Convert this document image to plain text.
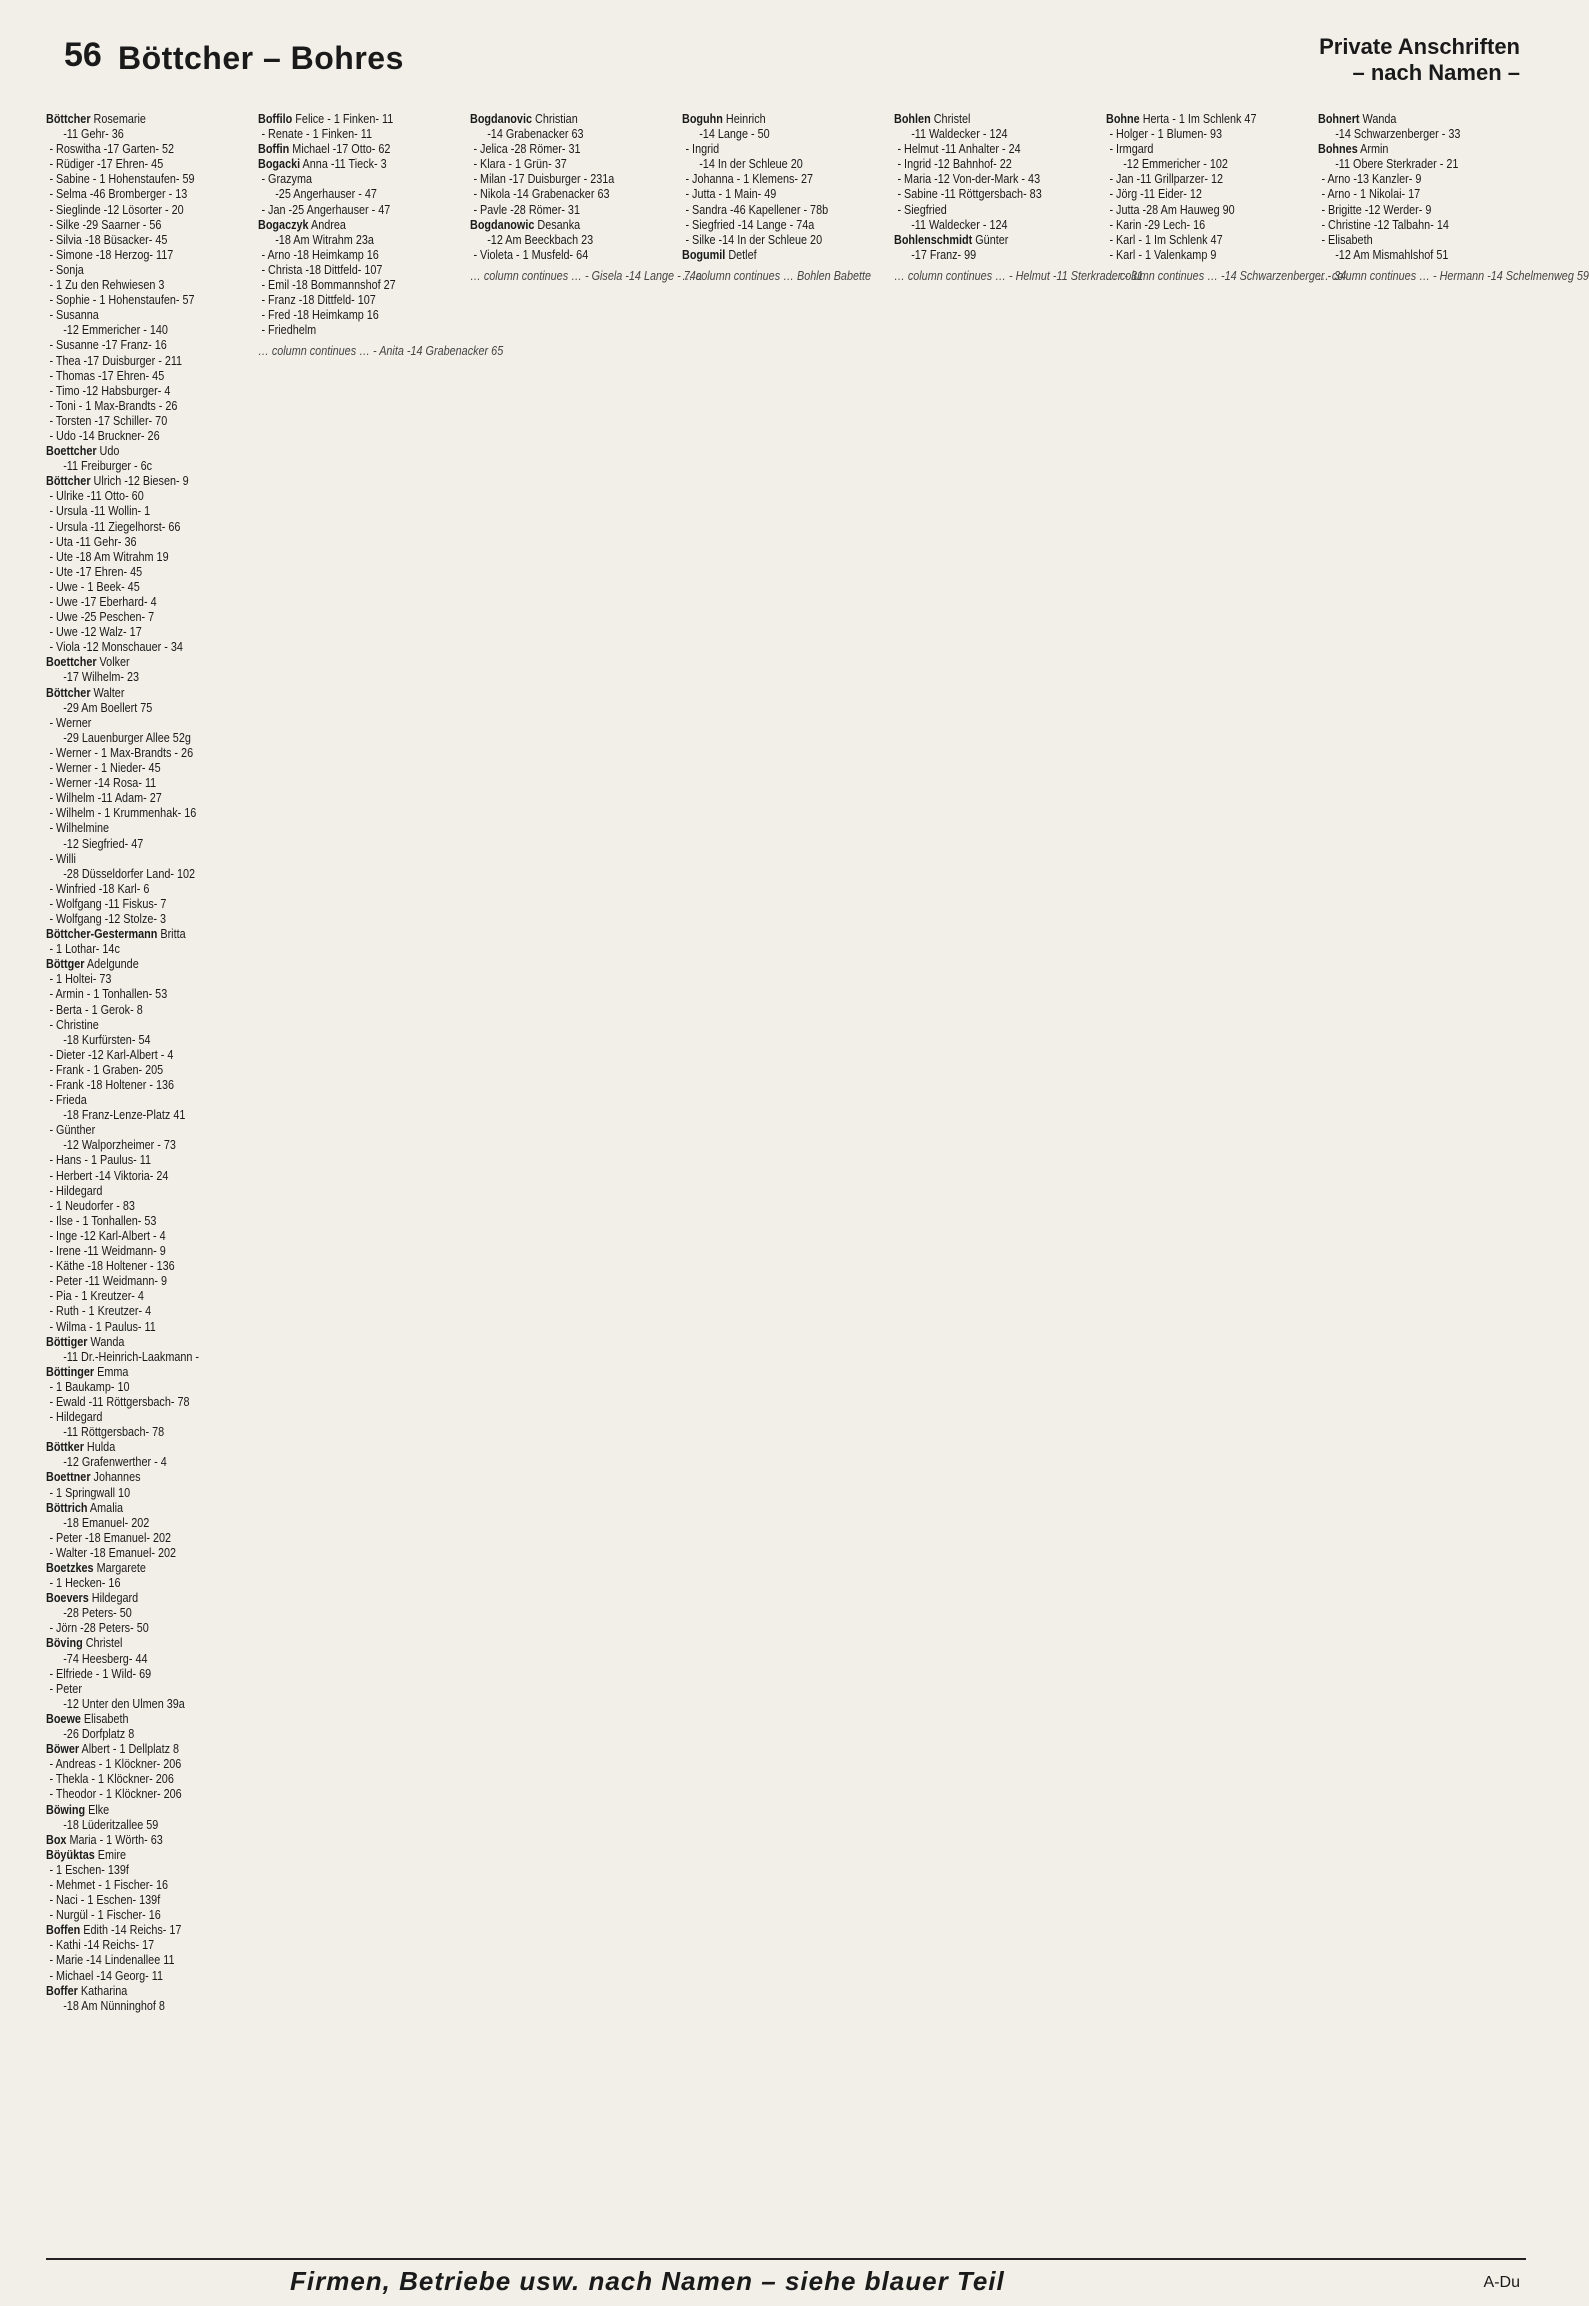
56 Böttcher – Bohres	Private Anschriften
– nach Namen –
Böttcher Rosemarie
-11 Gehr- 36
- Roswitha -17 Garten- 52
- Rüdiger -17 Ehren- 45
- Sabine - 1 Hohenstaufen- 59
- Selma -46 Bromberger - 13
- Sieglinde -12 Lösorter - 20
- Silke -29 Saarner - 56
- Silvia -18 Büsacker- 45
- Simone -18 Herzog- 117
- Sonja
- 1 Zu den Rehwiesen 3
- Sophie - 1 Hohenstaufen- 57
- Susanna
-12 Emmericher - 140
- Susanne -17 Franz- 16
- Thea -17 Duisburger - 211
- Thomas -17 Ehren- 45
- Timo -12 Habsburger- 4
- Toni - 1 Max-Brandts - 26
- Torsten -17 Schiller- 70
- Udo -14 Bruckner- 26
Boettcher Udo
-11 Freiburger - 6c
Böttcher Ulrich -12 Biesen- 9
- Ulrike -11 Otto- 60
- Ursula -11 Wollin- 1
- Ursula -11 Ziegelhorst- 66
- Uta -11 Gehr- 36
- Ute -18 Am Witrahm 19
- Ute -17 Ehren- 45
- Uwe - 1 Beek- 45
- Uwe -17 Eberhard- 4
- Uwe -25 Peschen- 7
- Uwe -12 Walz- 17
- Viola -12 Monschauer - 34
Boettcher Volker
-17 Wilhelm- 23
Böttcher Walter
-29 Am Boellert 75
- Werner
-29 Lauenburger Allee 52g
- Werner - 1 Max-Brandts - 26
- Werner - 1 Nieder- 45
- Werner -14 Rosa- 11
- Wilhelm -11 Adam- 27
- Wilhelm - 1 Krummenhak- 16
- Wilhelmine
-12 Siegfried- 47
- Willi
-28 Düsseldorfer Land- 102
- Winfried -18 Karl- 6
- Wolfgang -11 Fiskus- 7
- Wolfgang -12 Stolze- 3
Böttcher-Gestermann Britta
- 1 Lothar- 14c
Böttger Adelgunde
- 1 Holtei- 73
- Armin - 1 Tonhallen- 53
- Berta - 1 Gerok- 8
- Christine
-18 Kurfürsten- 54
- Dieter -12 Karl-Albert - 4
- Frank - 1 Graben- 205
- Frank -18 Holtener - 136
- Frieda
-18 Franz-Lenze-Platz 41
- Günther
-12 Walporzheimer - 73
- Hans - 1 Paulus- 11
- Herbert -14 Viktoria- 24
- Hildegard
- 1 Neudorfer - 83
- Ilse - 1 Tonhallen- 53
- Inge -12 Karl-Albert - 4
- Irene -11 Weidmann- 9
- Käthe -18 Holtener - 136
- Peter -11 Weidmann- 9
- Pia - 1 Kreutzer- 4
- Ruth - 1 Kreutzer- 4
- Wilma - 1 Paulus- 11
Böttiger Wanda
-11 Dr.-Heinrich-Laakmann -
Böttinger Emma
- 1 Baukamp- 10
- Ewald -11 Röttgersbach- 78
- Hildegard
-11 Röttgersbach- 78
Böttker Hulda
-12 Grafenwerther - 4
Boettner Johannes
- 1 Springwall 10
Böttrich Amalia
-18 Emanuel- 202
- Peter -18 Emanuel- 202
- Walter -18 Emanuel- 202
Boetzkes Margarete
- 1 Hecken- 16
Boevers Hildegard
-28 Peters- 50
- Jörn -28 Peters- 50
Böving Christel
-74 Heesberg- 44
- Elfriede - 1 Wild- 69
- Peter
-12 Unter den Ulmen 39a
Boewe Elisabeth
-26 Dorfplatz 8
Böwer Albert - 1 Dellplatz 8
- Andreas - 1 Klöckner- 206
- Thekla - 1 Klöckner- 206
- Theodor - 1 Klöckner- 206
Böwing Elke
-18 Lüderitzallee 59
Box Maria - 1 Wörth- 63
Böyüktas Emire
- 1 Eschen- 139f
- Mehmet - 1 Fischer- 16
- Naci - 1 Eschen- 139f
- Nurgül - 1 Fischer- 16
Boffen Edith -14 Reichs- 17
- Kathi -14 Reichs- 17
- Marie -14 Lindenallee 11
- Michael -14 Georg- 11
Boffer Katharina
-18 Am Nünninghof 8
Boffilo Felice - 1 Finken- 11
- Renate - 1 Finken- 11
Boffin Michael -17 Otto- 62
Bogacki Anna -11 Tieck- 3
- Grazyma
-25 Angerhauser - 47
- Jan -25 Angerhauser - 47
Bogaczyk Andrea
-18 Am Witrahm 23a
- Arno -18 Heimkamp 16
- Christa -18 Dittfeld- 107
- Emil -18 Bommannshof 27
- Franz -18 Dittfeld- 107
- Fred -18 Heimkamp 16
- Friedhelm
… column continues … - Anita -14 Grabenacker 65
Bogdanovic Christian
-14 Grabenacker 63
- Jelica -28 Römer- 31
- Klara - 1 Grün- 37
- Milan -17 Duisburger - 231a
- Nikola -14 Grabenacker 63
- Pavle -28 Römer- 31
Bogdanowic Desanka
-12 Am Beeckbach 23
- Violeta - 1 Musfeld- 64
… column continues … - Gisela -14 Lange - 74a
Boguhn Heinrich
-14 Lange - 50
- Ingrid
-14 In der Schleue 20
- Johanna - 1 Klemens- 27
- Jutta - 1 Main- 49
- Sandra -46 Kapellener - 78b
- Siegfried -14 Lange - 74a
- Silke -14 In der Schleue 20
Bogumil Detlef
… column continues … Bohlen Babette
Bohlen Christel
-11 Waldecker - 124
- Helmut -11 Anhalter - 24
- Ingrid -12 Bahnhof- 22
- Maria -12 Von-der-Mark - 43
- Sabine -11 Röttgersbach- 83
- Siegfried
-11 Waldecker - 124
Bohlenschmidt Günter
-17 Franz- 99
… column continues … - Helmut -11 Sterkrader - 31
Bohne Herta - 1 Im Schlenk 47
- Holger - 1 Blumen- 93
- Irmgard
-12 Emmericher - 102
- Jan -11 Grillparzer- 12
- Jörg -11 Eider- 12
- Jutta -28 Am Hauweg 90
- Karin -29 Lech- 16
- Karl - 1 Im Schlenk 47
- Karl - 1 Valenkamp 9
… column continues … -14 Schwarzenberger - 34
Bohnert Wanda
-14 Schwarzenberger - 33
Bohnes Armin
-11 Obere Sterkrader - 21
- Arno -13 Kanzler- 9
- Arno - 1 Nikolai- 17
- Brigitte -12 Werder- 9
- Christine -12 Talbahn- 14
- Elisabeth
-12 Am Mismahlshof 51
… column continues … - Hermann -14 Schelmenweg 59
Firmen, Betriebe usw. nach Namen – siehe blauer Teil	A-Du
